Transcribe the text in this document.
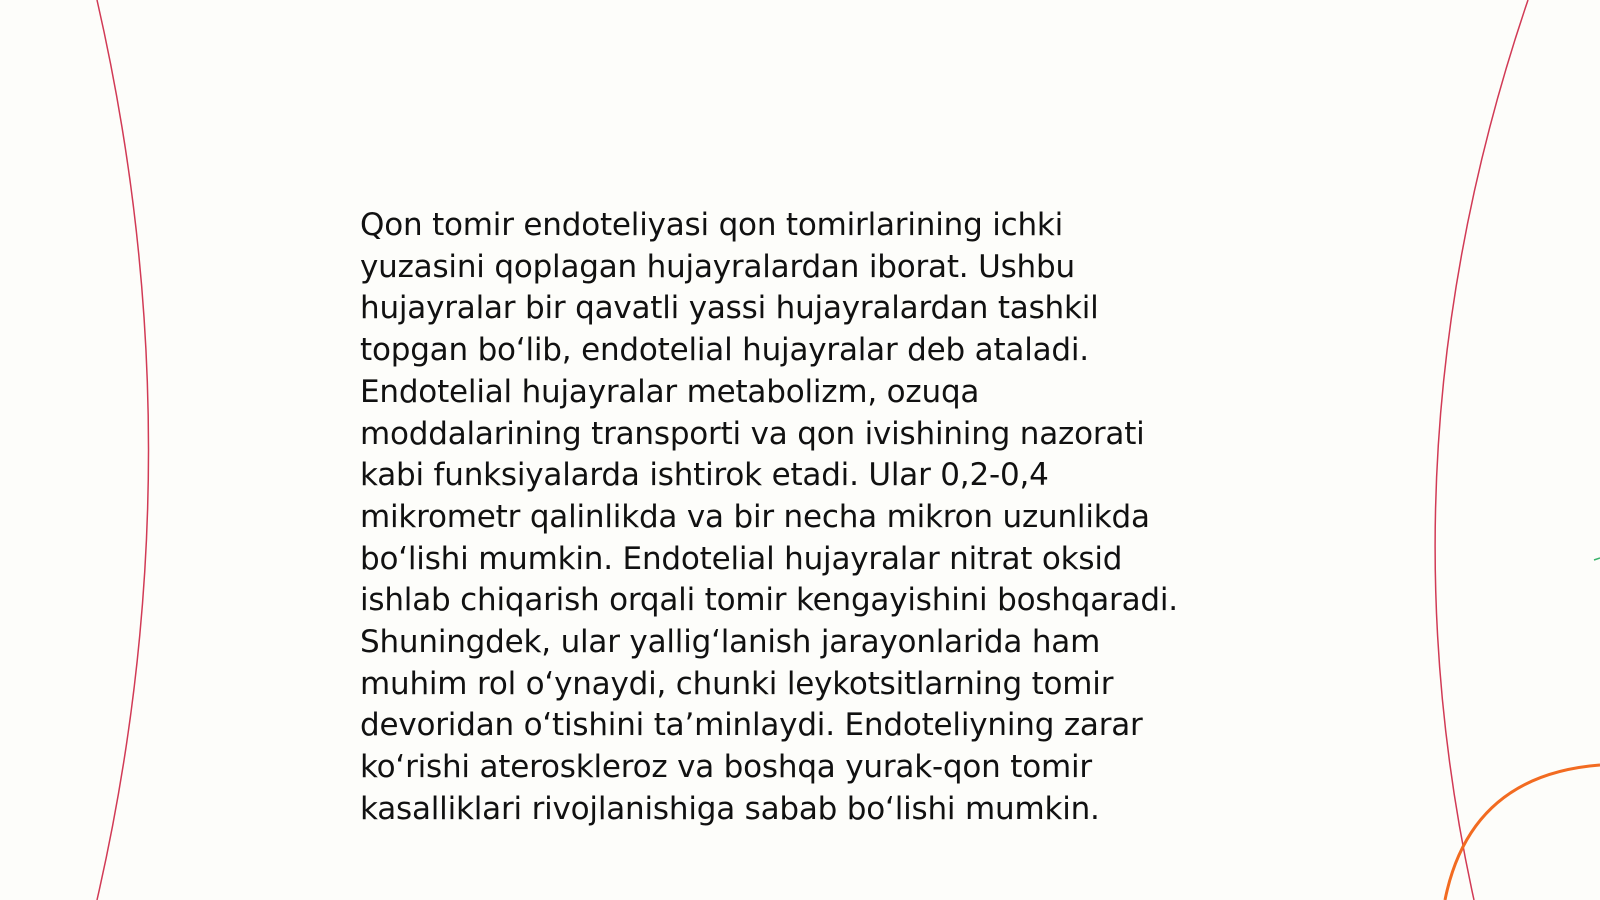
Qon tomir endoteliyasi qon tomirlarining ichki
yuzasini qoplagan hujayralardan iborat. Ushbu
hujayralar bir qavatli yassi hujayralardan tashkil
topgan boʻlib, endotelial hujayralar deb ataladi.
Endotelial hujayralar metabolizm, ozuqa
moddalarining transporti va qon ivishining nazorati
kabi funksiyalarda ishtirok etadi. Ular 0,2-0,4
mikrometr qalinlikda va bir necha mikron uzunlikda
boʻlishi mumkin. Endotelial hujayralar nitrat oksid
ishlab chiqarish orqali tomir kengayishini boshqaradi.
Shuningdek, ular yalligʻlanish jarayonlarida ham
muhim rol oʻynaydi, chunki leykotsitlarning tomir
devoridan oʻtishini taʼminlaydi. Endoteliyning zarar
koʻrishi ateroskleroz va boshqa yurak-qon tomir
kasalliklari rivojlanishiga sabab boʻlishi mumkin.
